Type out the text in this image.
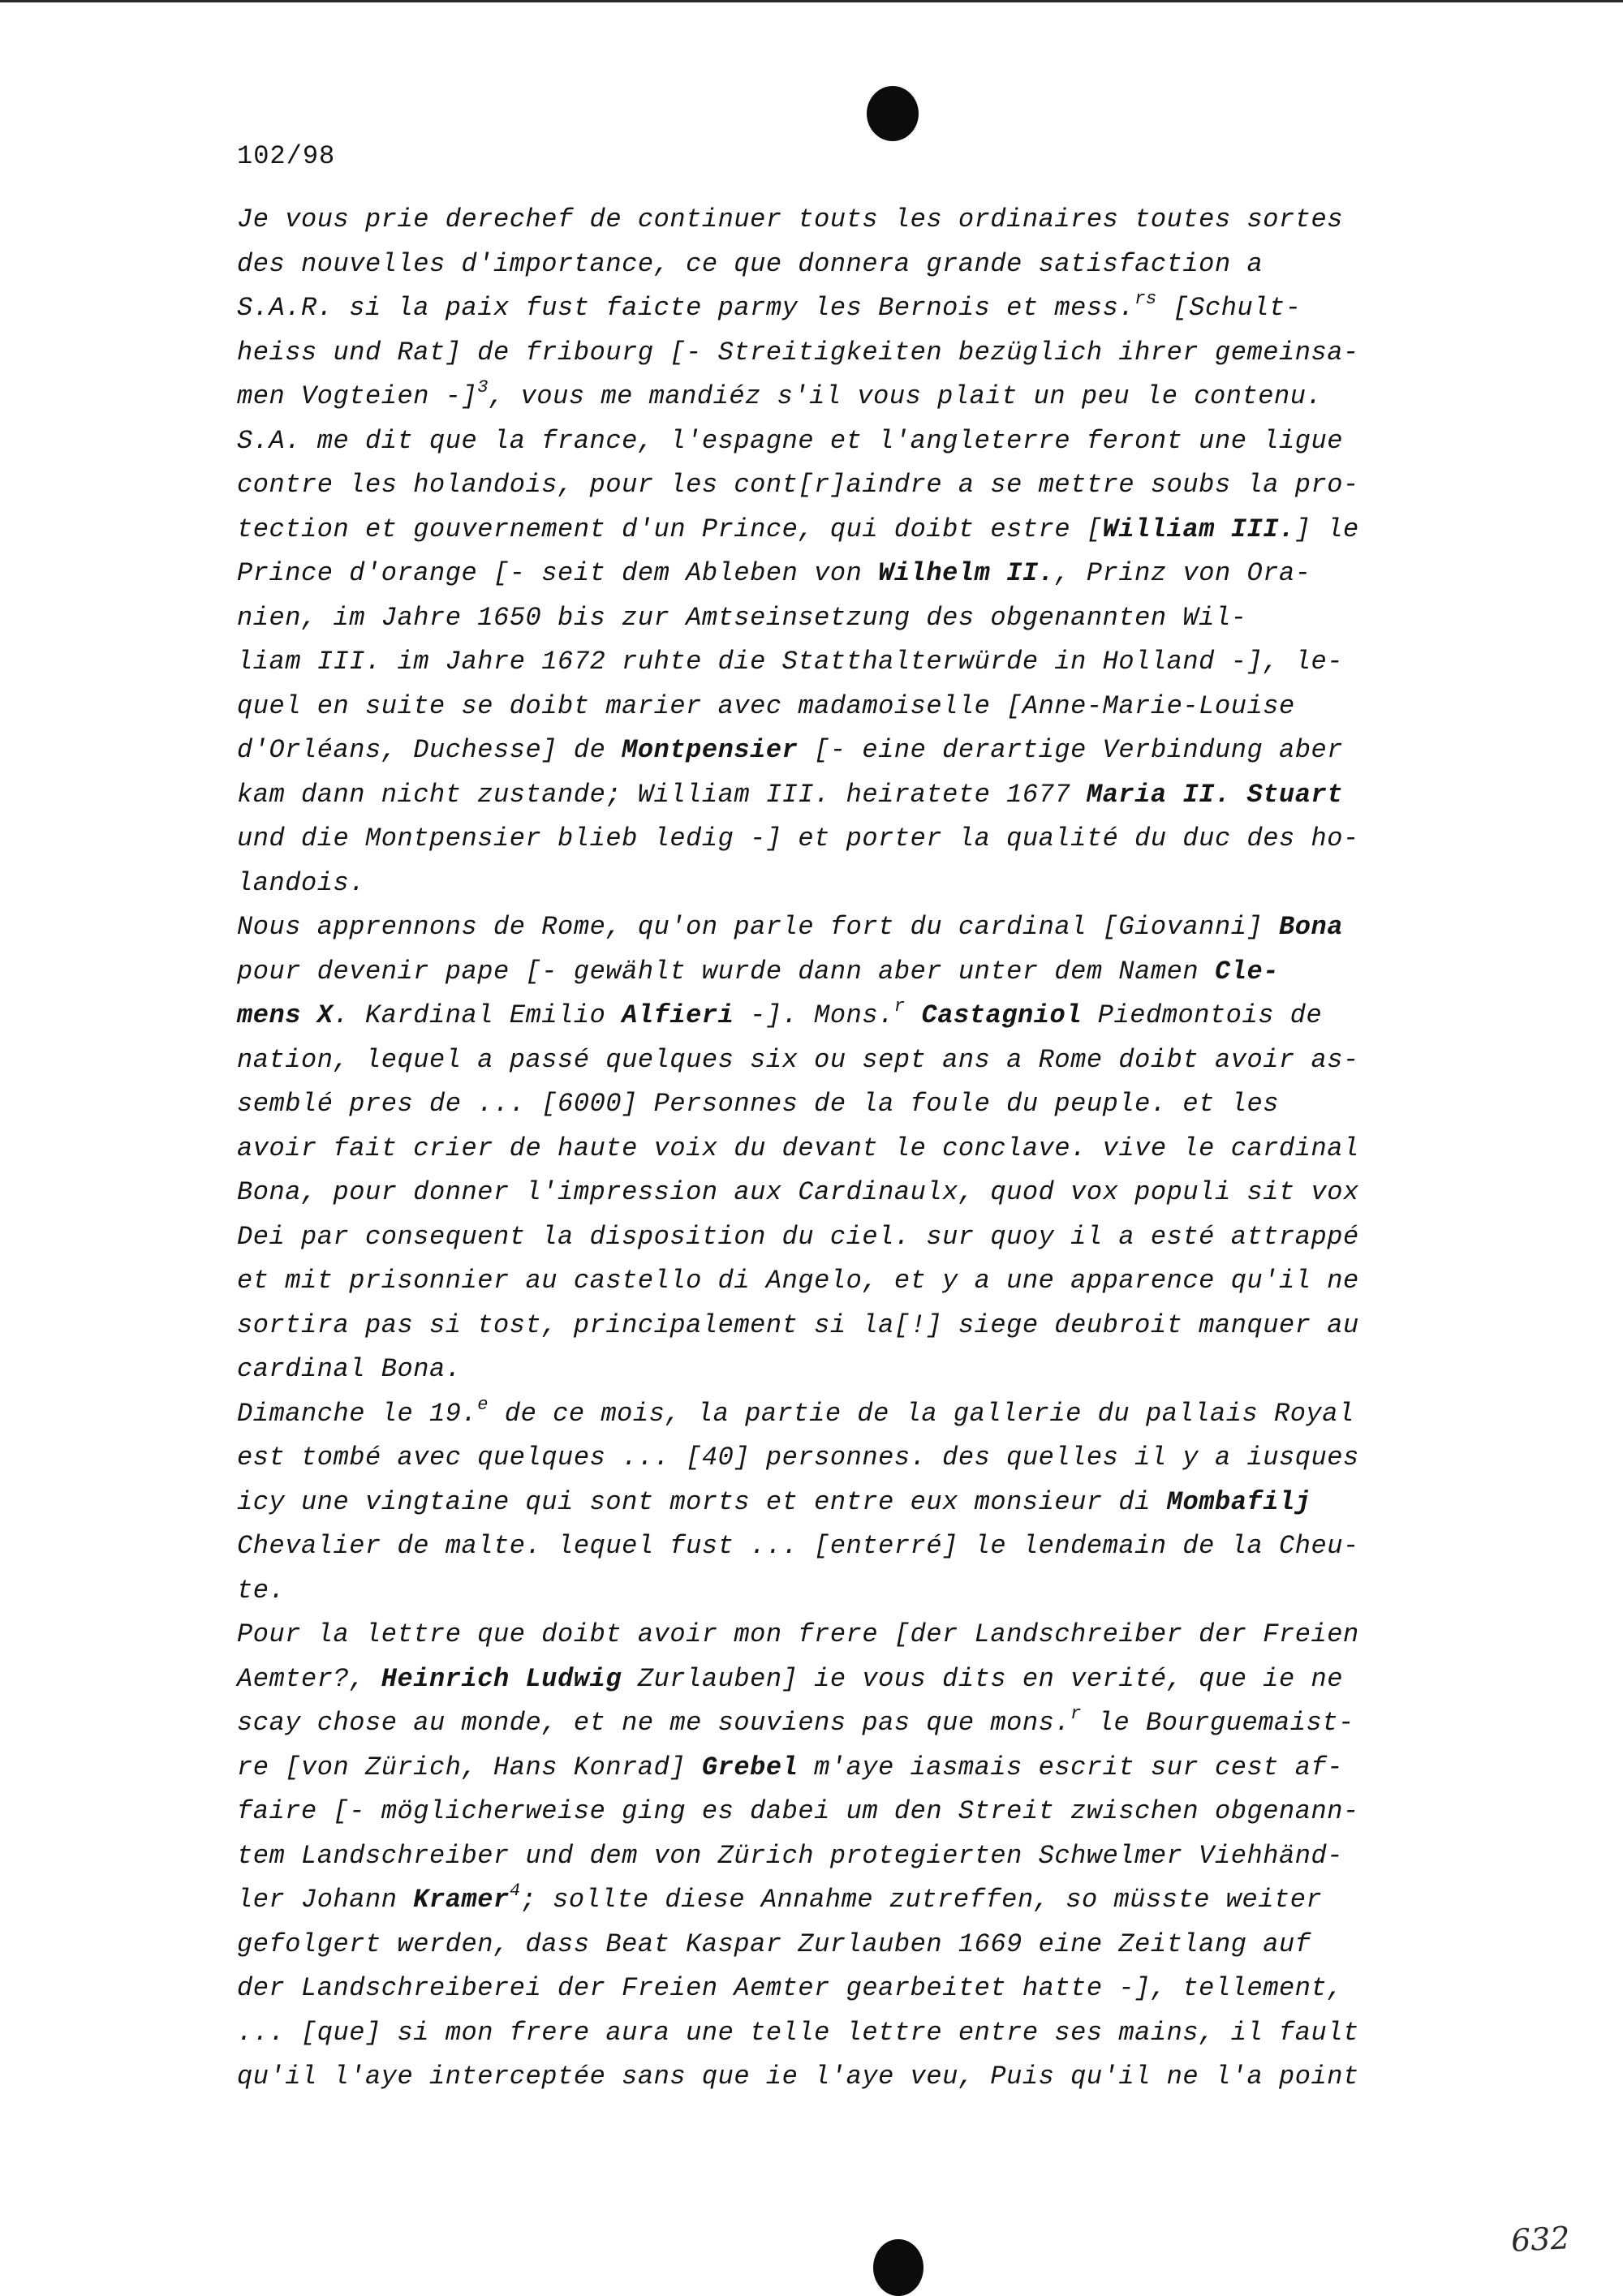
102/98

Je vous prie derechef de continuer touts les ordinaires toutes sortes
des nouvelles d'importance, ce que donnera grande satisfaction a
S.A.R. si la paix fust faicte parmy les Bernois et mess.$^{rs}$ [Schult-
heiss und Rat] de fribourg [- Streitigkeiten bezüglich ihrer gemeinsa-
men Vogteien -]$^3$, vous me mandiéz s'il vous plait un peu le contenu.
S.A. me dit que la france, l'espagne et l'angleterre feront une ligue
contre les holandois, pour les cont[r]aindre a se mettre soubs la pro-
tection et gouvernement d'un Prince, qui doibt estre [William III.] le
Prince d'orange [- seit dem Ableben von Wilhelm II., Prinz von Ora-
nien, im Jahre 1650 bis zur Amtseinsetzung des obgenannten Wil-
liam III. im Jahre 1672 ruhte die Statthalterwürde in Holland -], le-
quel en suite se doibt marier avec madamoiselle [Anne-Marie-Louise
d'Orléans, Duchesse] de Montpensier [- eine derartige Verbindung aber
kam dann nicht zustande; William III. heiratete 1677 Maria II. Stuart
und die Montpensier blieb ledig -] et porter la qualité du duc des ho-
landois.
Nous apprennons de Rome, qu'on parle fort du cardinal [Giovanni] Bona
pour devenir pape [- gewählt wurde dann aber unter dem Namen Cle-
mens X. Kardinal Emilio Alfieri -]. Mons.$^r$ Castagniol Piedmontois de
nation, lequel a passé quelques six ou sept ans a Rome doibt avoir as-
semblé pres de ... [6000] Personnes de la foule du peuple. et les
avoir fait crier de haute voix du devant le conclave. vive le cardinal
Bona, pour donner l'impression aux Cardinaulx, quod vox populi sit vox
Dei par consequent la disposition du ciel. sur quoy il a esté attrappé
et mit prisonnier au castello di Angelo, et y a une apparence qu'il ne
sortira pas si tost, principalement si la[!] siege deubroit manquer au
cardinal Bona.
Dimanche le 19.$^e$ de ce mois, la partie de la gallerie du pallais Royal
est tombé avec quelques ... [40] personnes. des quelles il y a iusques
icy une vingtaine qui sont morts et entre eux monsieur di Mombafilj
Chevalier de malte. lequel fust ... [enterré] le lendemain de la Cheu-
te.
Pour la lettre que doibt avoir mon frere [der Landschreiber der Freien
Aemter?, Heinrich Ludwig Zurlauben] ie vous dits en verité, que ie ne
scay chose au monde, et ne me souviens pas que mons.$^r$ le Bourguemaist-
re [von Zürich, Hans Konrad] Grebel m'aye iasmais escrit sur cest af-
faire [- möglicherweise ging es dabei um den Streit zwischen obgenann-
tem Landschreiber und dem von Zürich protegierten Schwelmer Viehhänd-
ler Johann Kramer$^4$; sollte diese Annahme zutreffen, so müsste weiter
gefolgert werden, dass Beat Kaspar Zurlauben 1669 eine Zeitlang auf
der Landschreiberei der Freien Aemter gearbeitet hatte -], tellement,
... [que] si mon frere aura une telle lettre entre ses mains, il fault
qu'il l'aye interceptée sans que ie l'aye veu, Puis qu'il ne l'a point
632
